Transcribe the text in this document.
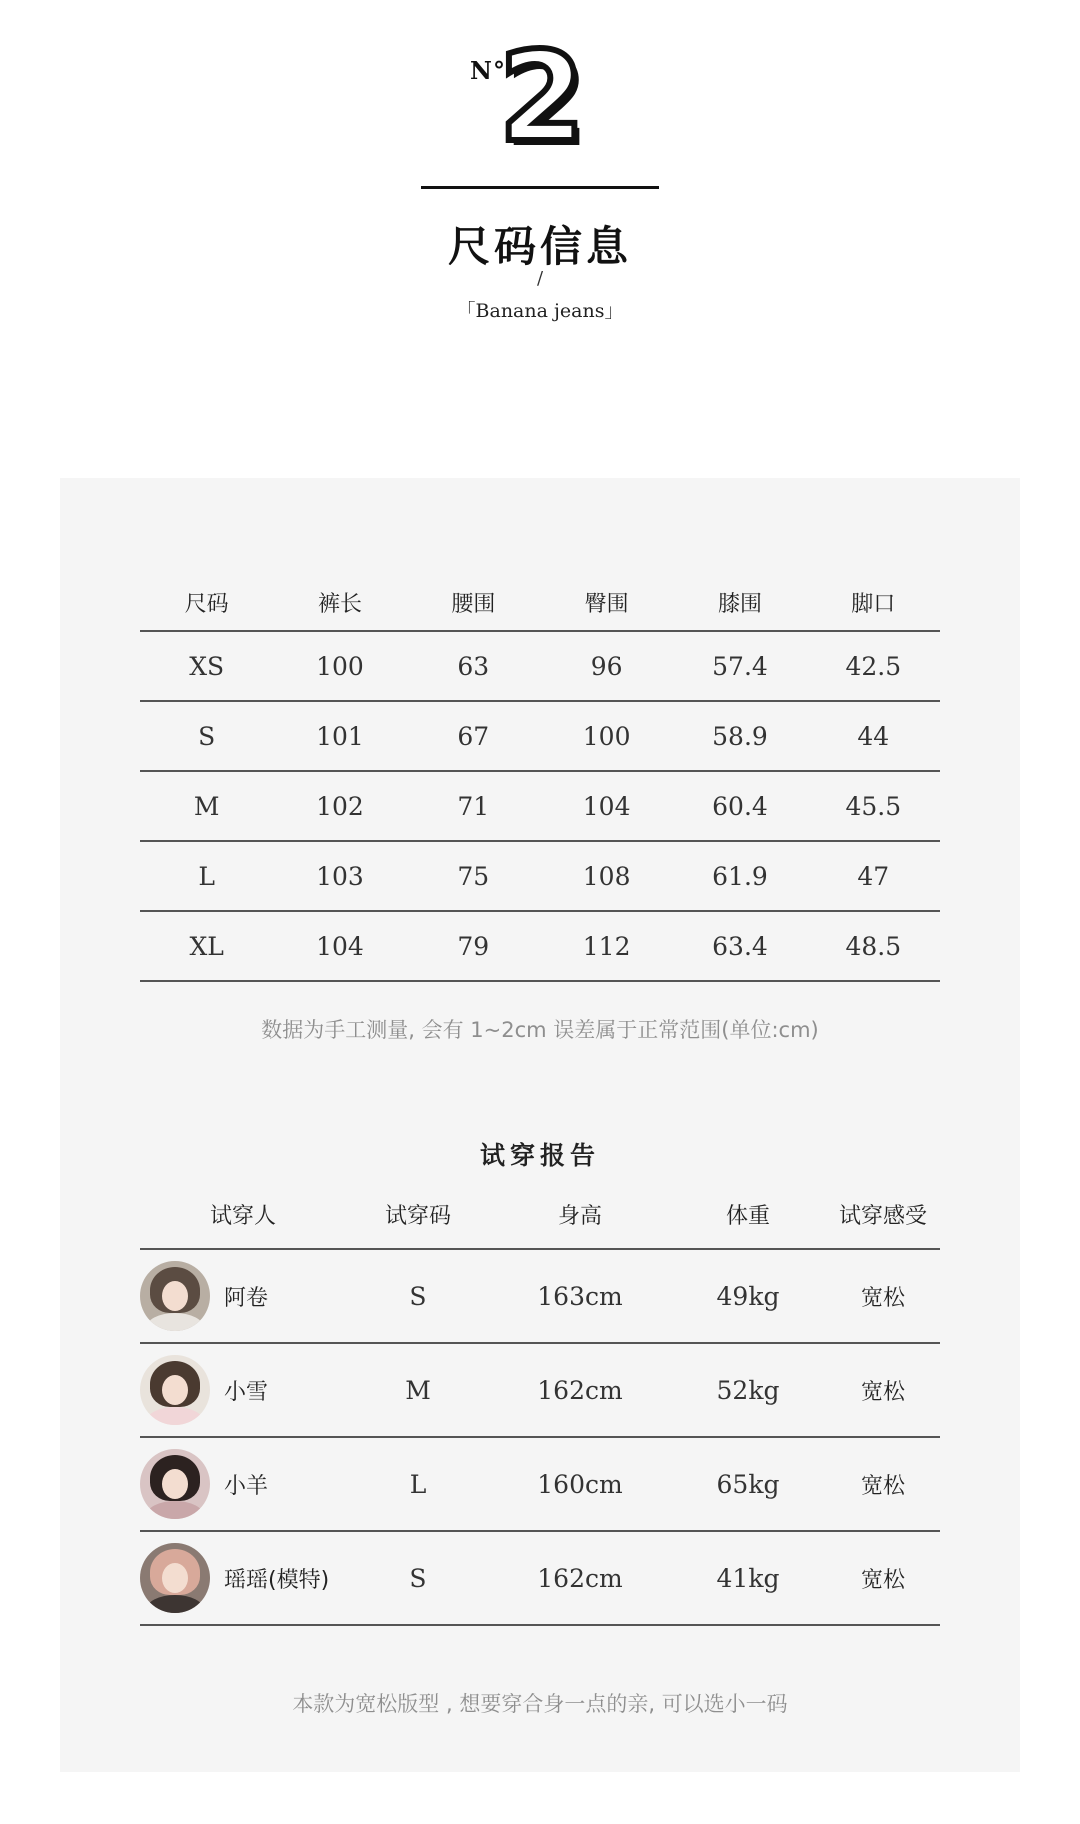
N°
2
尺码信息
/
「Banana jeans」
尺码	裤长	腰围	臀围	膝围	脚口
XS	100	63	96	57.4	42.5
S	101	67	100	58.9	44
M	102	71	104	60.4	45.5
L	103	75	108	61.9	47
XL	104	79	112	63.4	48.5
数据为手工测量, 会有 1~2cm 误差属于正常范围(单位:cm)
试穿报告
试穿人	试穿码	身高	体重	试穿感受
阿卷	S	163cm	49kg	宽松
小雪	M	162cm	52kg	宽松
小羊	L	160cm	65kg	宽松
瑶瑶(模特)	S	162cm	41kg	宽松
本款为宽松版型 , 想要穿合身一点的亲, 可以选小一码
